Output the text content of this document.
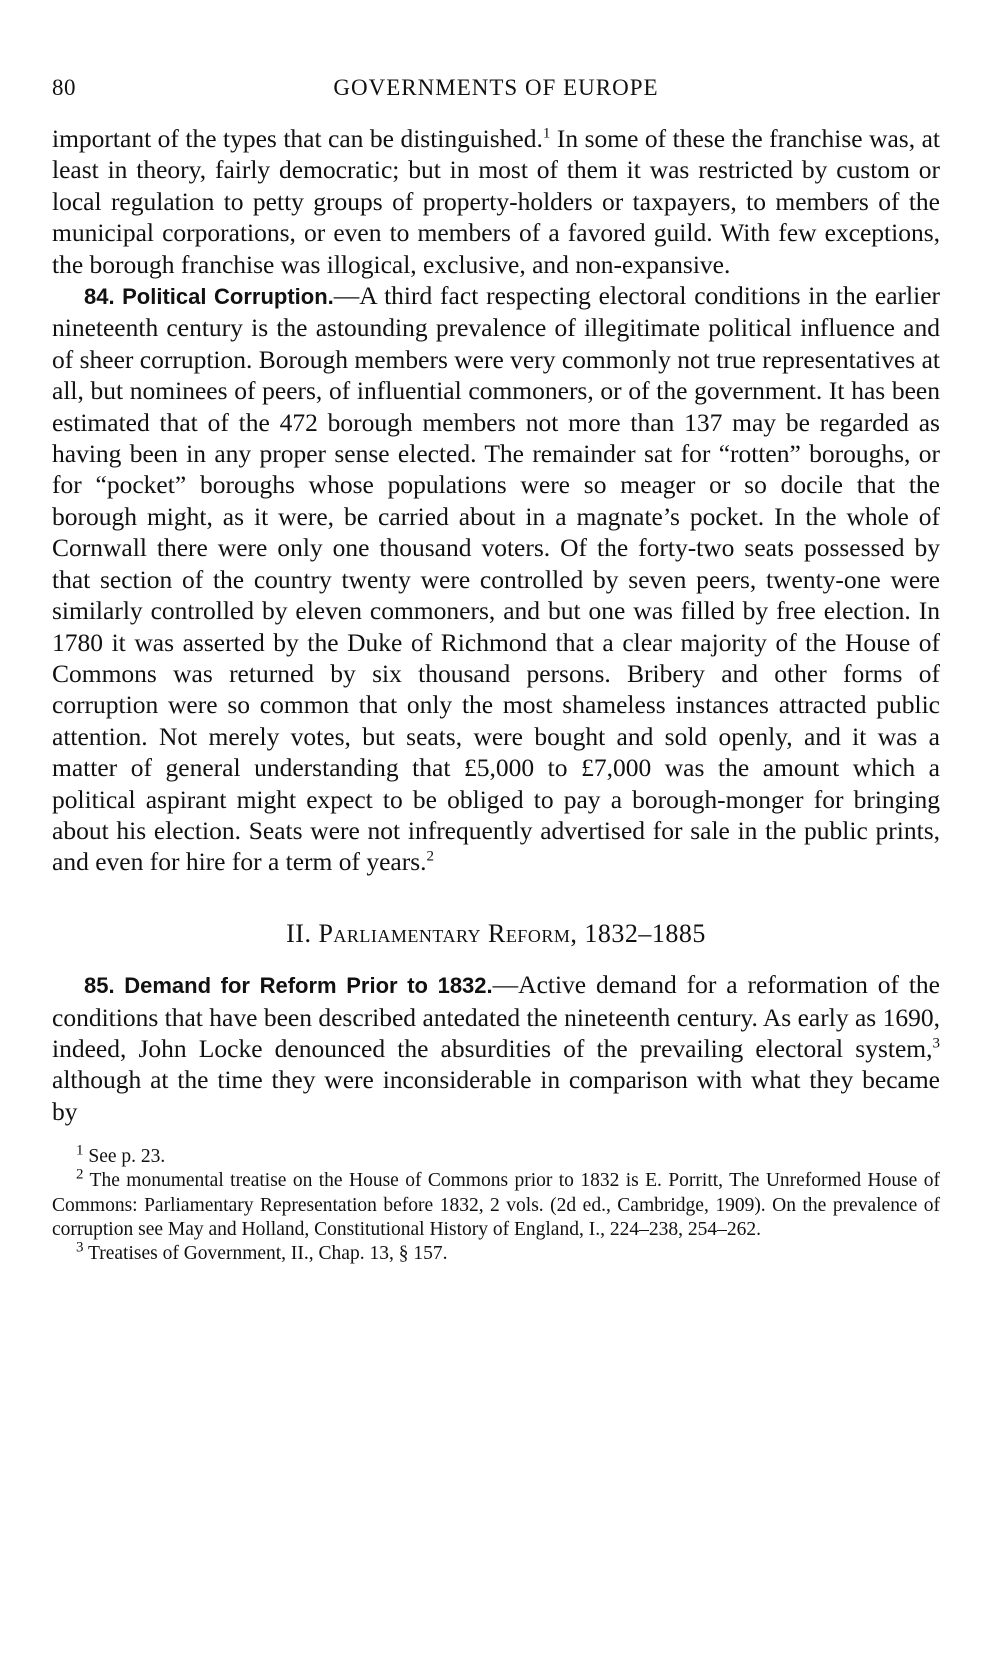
80	GOVERNMENTS OF EUROPE

important of the types that can be distinguished.$^1$ In some of these the franchise was, at least in theory, fairly democratic; but in most of them it was restricted by custom or local regulation to petty groups of property-holders or taxpayers, to members of the municipal corporations, or even to members of a favored guild. With few exceptions, the borough franchise was illogical, exclusive, and non-expansive.

84. Political Corruption.—A third fact respecting electoral conditions in the earlier nineteenth century is the astounding prevalence of illegitimate political influence and of sheer corruption. Borough members were very commonly not true representatives at all, but nominees of peers, of influential commoners, or of the government. It has been estimated that of the 472 borough members not more than 137 may be regarded as having been in any proper sense elected. The remainder sat for “rotten” boroughs, or for “pocket” boroughs whose populations were so meager or so docile that the borough might, as it were, be carried about in a magnate’s pocket. In the whole of Cornwall there were only one thousand voters. Of the forty-two seats possessed by that section of the country twenty were controlled by seven peers, twenty-one were similarly controlled by eleven commoners, and but one was filled by free election. In 1780 it was asserted by the Duke of Richmond that a clear majority of the House of Commons was returned by six thousand persons. Bribery and other forms of corruption were so common that only the most shameless instances attracted public attention. Not merely votes, but seats, were bought and sold openly, and it was a matter of general understanding that £5,000 to £7,000 was the amount which a political aspirant might expect to be obliged to pay a borough-monger for bringing about his election. Seats were not infrequently advertised for sale in the public prints, and even for hire for a term of years.$^2$

II. Parliamentary Reform, 1832–1885

85. Demand for Reform Prior to 1832.—Active demand for a reformation of the conditions that have been described antedated the nineteenth century. As early as 1690, indeed, John Locke denounced the absurdities of the prevailing electoral system,$^3$ although at the time they were inconsiderable in comparison with what they became by

$^1$ See p. 23.

$^2$ The monumental treatise on the House of Commons prior to 1832 is E. Porritt, The Unreformed House of Commons: Parliamentary Representation before 1832, 2 vols. (2d ed., Cambridge, 1909). On the prevalence of corruption see May and Holland, Constitutional History of England, I., 224–238, 254–262.

$^3$ Treatises of Government, II., Chap. 13, § 157.
